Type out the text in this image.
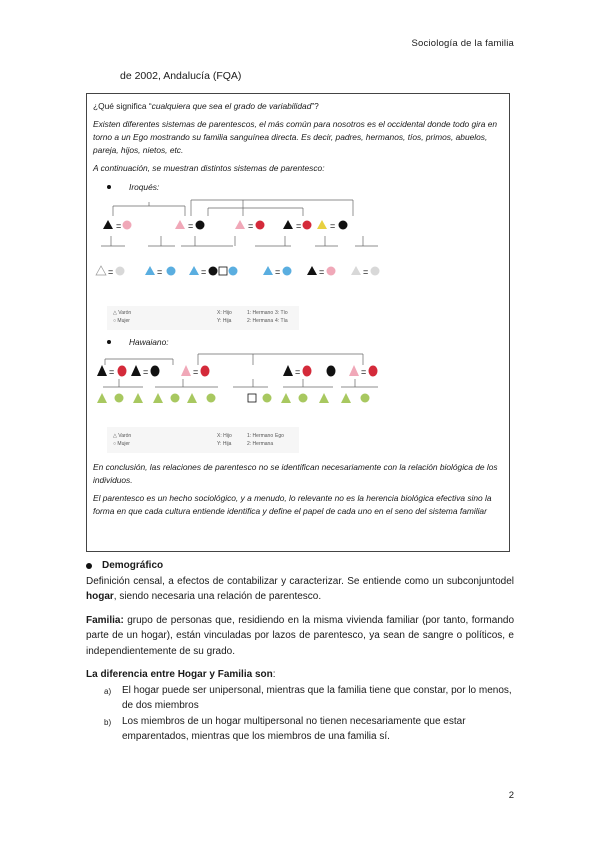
Sociología de la familia
de 2002, Andalucía (FQA)

¿Qué significa “cualquiera que sea el grado de variabilidad”?

Existen diferentes sistemas de parentescos, el más común para nosotros es el occidental donde todo gira en torno a un Ego mostrando su familia sanguínea directa. Es decir, padres, hermanos, tíos, primos, abuelos, pareja, hijos, nietos, etc.

A continuación, se muestran distintos sistemas de parentesco:

Iroqués:
=	=	=	=	=
=	=	=	=	=	=
△ Varón
○ Mujer
X: Hijo
Y: Hija
1: Hermano
2: Hermana
3: Tío
4: Tía
Hawaiano:
=	=	=	=	=
△ Varón
○ Mujer
X: Hijo
Y: Hija
1: Hermano
2: Hermana
Ego

En conclusión, las relaciones de parentesco no se identifican necesariamente con la relación biológica de los individuos.

El parentesco es un hecho sociológico, y a menudo, lo relevante no es la herencia biológica efectiva sino la forma en que cada cultura entiende identifica y define el papel de cada uno en el seno del sistema familiar

Demográfico

Definición censal, a efectos de contabilizar y caracterizar. Se entiende como un subconjuntodel hogar, siendo necesaria una relación de parentesco.

Familia: grupo de personas que, residiendo en la misma vivienda familiar (por tanto, formando parte de un hogar), están vinculadas por lazos de parentesco, ya sean de sangre o políticos, e independientemente de su grado.

La diferencia entre Hogar y Familia son:

a) El hogar puede ser unipersonal, mientras que la familia tiene que constar, por lo menos, de dos miembros
b) Los miembros de un hogar multipersonal no tienen necesariamente que estar emparentados, mientras que los miembros de una familia sí.
2
